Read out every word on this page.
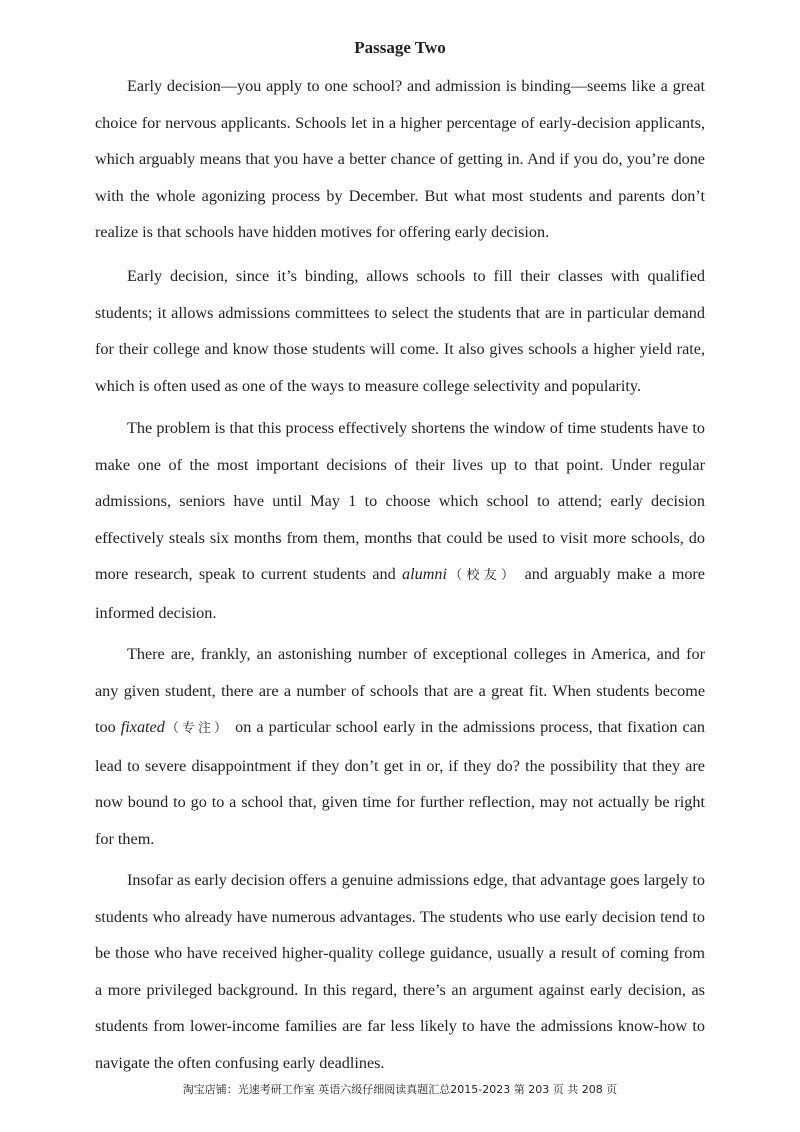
Passage Two

Early decision—you apply to one school? and admission is binding—seems like a great choice for nervous applicants. Schools let in a higher percentage of early-decision applicants, which arguably means that you have a better chance of getting in. And if you do, you’re done with the whole agonizing process by December. But what most students and parents don’t realize is that schools have hidden motives for offering early decision.

Early decision, since it’s binding, allows schools to fill their classes with qualified students; it allows admissions committees to select the students that are in particular demand for their college and know those students will come. It also gives schools a higher yield rate, which is often used as one of the ways to measure college selectivity and popularity.

The problem is that this process effectively shortens the window of time students have to make one of the most important decisions of their lives up to that point. Under regular admissions, seniors have until May 1 to choose which school to attend; early decision effectively steals six months from them, months that could be used to visit more schools, do more research, speak to current students and alumni（校友） and arguably make a more informed decision.

There are, frankly, an astonishing number of exceptional colleges in America, and for any given student, there are a number of schools that are a great fit. When students become too fixated（专注） on a particular school early in the admissions process, that fixation can lead to severe disappointment if they don’t get in or, if they do? the possibility that they are now bound to go to a school that, given time for further reflection, may not actually be right for them.

Insofar as early decision offers a genuine admissions edge, that advantage goes largely to students who already have numerous advantages. The students who use early decision tend to be those who have received higher-quality college guidance, usually a result of coming from a more privileged background. In this regard, there’s an argument against early decision, as students from lower-income families are far less likely to have the admissions know-how to navigate the often confusing early deadlines.

淘宝店铺：光速考研工作室 英语六级仔细阅读真题汇总2015-2023 第 203 页 共 208 页
